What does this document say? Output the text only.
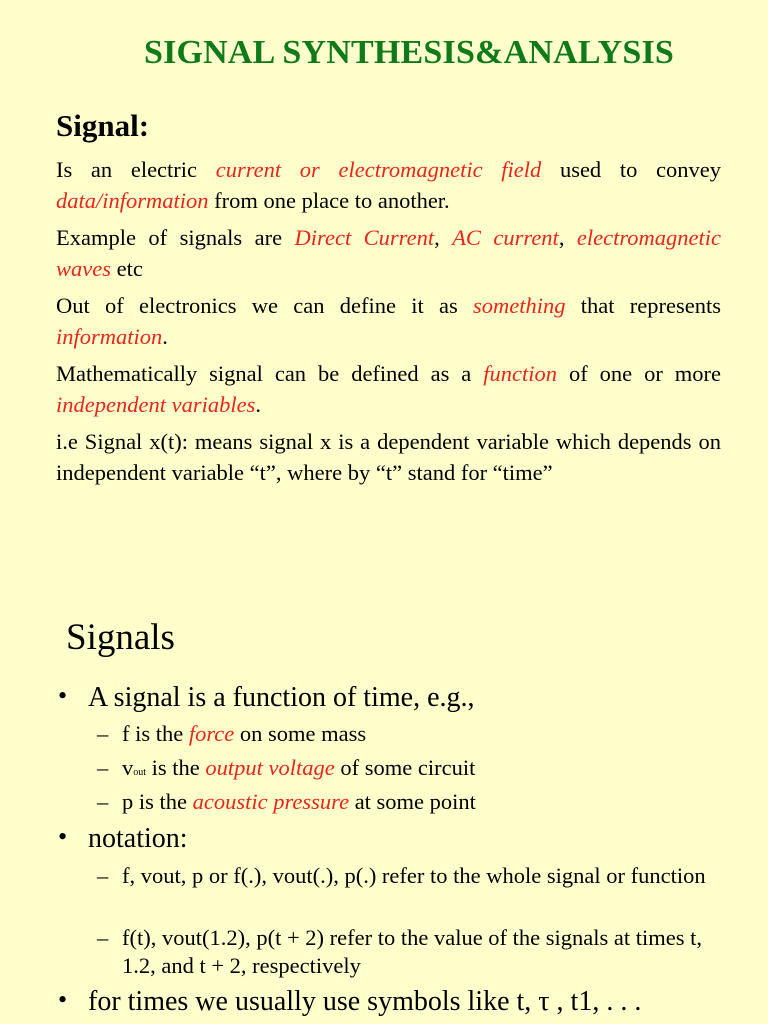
SIGNAL SYNTHESIS&ANALYSIS
Signal:
Is an electric current or electromagnetic field used to convey data/information from one place to another.
Example of signals are Direct Current, AC current, electromagnetic waves etc
Out of electronics we can define it as something that represents information.
Mathematically signal can be defined as a function of one or more independent variables.
i.e Signal x(t): means signal x is a dependent variable which depends on independent variable “t”, where by “t” stand for “time”
Signals
• A signal is a function of time, e.g.,
– f is the force on some mass
– vout is the output voltage of some circuit
– p is the acoustic pressure at some point
• notation:
– f, vout, p or f(.), vout(.), p(.) refer to the whole signal or function
– f(t), vout(1.2), p(t + 2) refer to the value of the signals at times t, 1.2, and t + 2, respectively
• for times we usually use symbols like t, τ , t1, . . .
